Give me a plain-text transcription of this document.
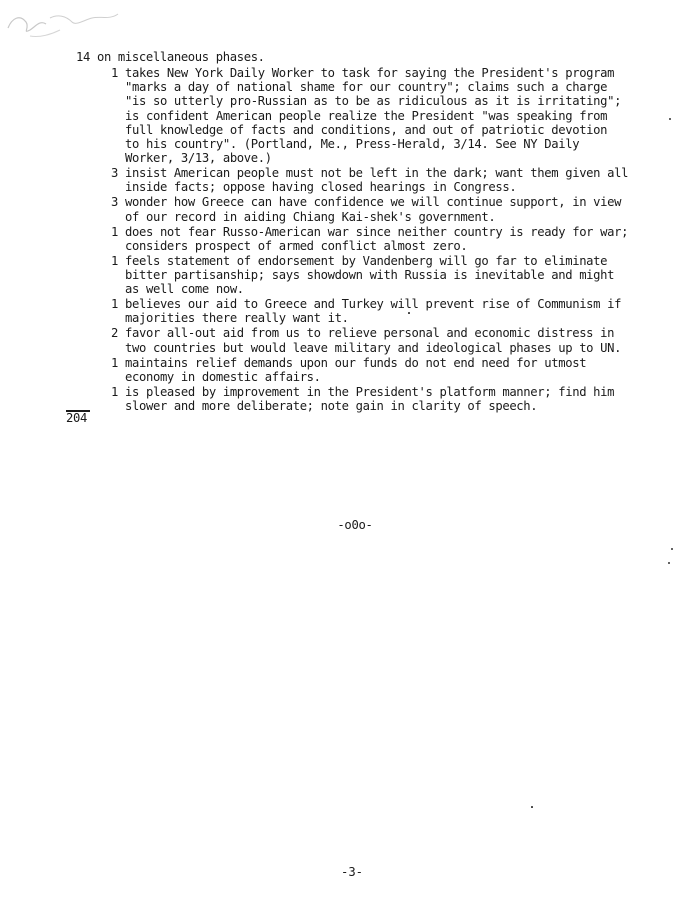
14 on miscellaneous phases.
1 takes New York Daily Worker to task for saying the President's program
"marks a day of national shame for our country"; claims such a charge
"is so utterly pro-Russian as to be as ridiculous as it is irritating";
is confident American people realize the President "was speaking from
full knowledge of facts and conditions, and out of patriotic devotion
to his country". (Portland, Me., Press-Herald, 3/14. See NY Daily
Worker, 3/13, above.)
3 insist American people must not be left in the dark; want them given all
inside facts; oppose having closed hearings in Congress.
3 wonder how Greece can have confidence we will continue support, in view
of our record in aiding Chiang Kai-shek's government.
1 does not fear Russo-American war since neither country is ready for war;
considers prospect of armed conflict almost zero.
1 feels statement of endorsement by Vandenberg will go far to eliminate
bitter partisanship; says showdown with Russia is inevitable and might
as well come now.
1 believes our aid to Greece and Turkey will prevent rise of Communism if
majorities there really want it.
2 favor all-out aid from us to relieve personal and economic distress in
two countries but would leave military and ideological phases up to UN.
1 maintains relief demands upon our funds do not end need for utmost
economy in domestic affairs.
1 is pleased by improvement in the President's platform manner; find him
slower and more deliberate; note gain in clarity of speech.
204
-o0o-
-3-
